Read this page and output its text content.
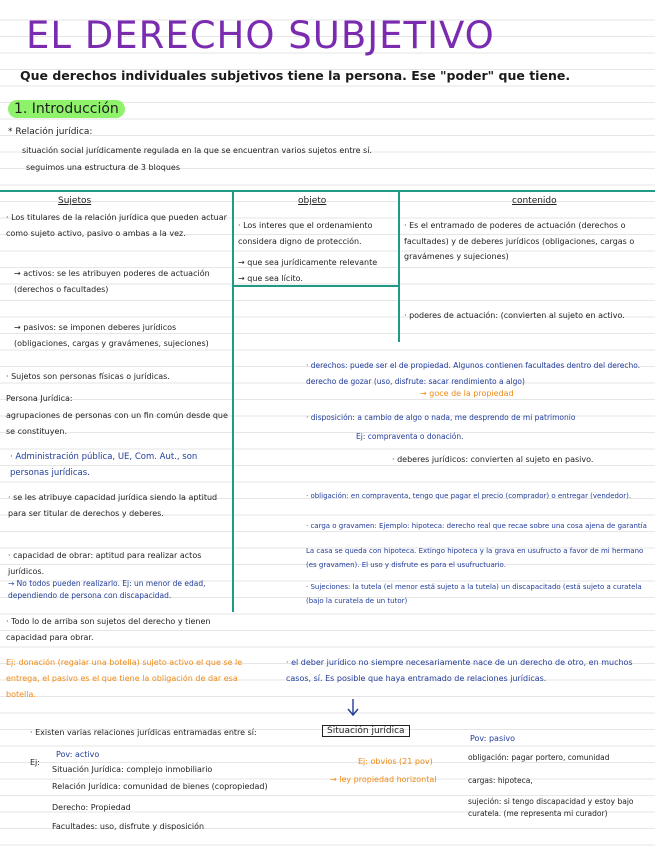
EL DERECHO SUBJETIVO
Que derechos individuales subjetivos tiene la persona. Ese "poder" que tiene.
1. Introducción
* Relación jurídica:
situación social jurídicamente regulada en la que se encuentran varios sujetos entre sí.
seguimos una estructura de 3 bloques
Sujetos	objeto	contenido
· Los titulares de la relación jurídica que pueden actuar como sujeto activo, pasivo o ambas a la vez.
→ activos: se les atribuyen poderes de actuación (derechos o facultades)
→ pasivos: se imponen deberes jurídicos (obligaciones, cargas y gravámenes, sujeciones)
· Sujetos son personas físicas o jurídicas.
Persona Jurídica:
agrupaciones de personas con un fin común desde que se constituyen.
· Administración pública, UE, Com. Aut., son personas jurídicas.
· se les atribuye capacidad jurídica siendo la aptitud para ser titular de derechos y deberes.
· capacidad de obrar: aptitud para realizar actos jurídicos.
→ No todos pueden realizarlo. Ej: un menor de edad, dependiendo de persona con discapacidad.
· Todo lo de arriba son sujetos del derecho y tienen capacidad para obrar.
· Los interes que el ordenamiento considera digno de protección.
→ que sea jurídicamente relevante
→ que sea lícito.
· Es el entramado de poderes de actuación (derechos o facultades) y de deberes jurídicos (obligaciones, cargas o gravámenes y sujeciones)
· poderes de actuación: (convierten al sujeto en activo.
· derechos: puede ser el de propiedad. Algunos contienen facultades dentro del derecho. derecho de gozar (uso, disfrute: sacar rendimiento a algo)
→ goce de la propiedad
· disposición: a cambio de algo o nada, me desprendo de mi patrimonio
Ej: compraventa o donación.
· deberes jurídicos: convierten al sujeto en pasivo.
· obligación: en compraventa, tengo que pagar el precio (comprador) o entregar (vendedor).
· carga o gravamen: Ejemplo: hipoteca: derecho real que recae sobre una cosa ajena de garantía
La casa se queda con hipoteca. Extingo hipoteca y la grava en usufructo a favor de mi hermano (es gravamen). El uso y disfrute es para el usufructuario.
· Sujeciones: la tutela (el menor está sujeto a la tutela) un discapacitado (está sujeto a curatela (bajo la curatela de un tutor)
Ej: donación (regalar una botella) sujeto activo el que se le entrega, el pasivo es el que tiene la obligación de dar esa botella.
· el deber jurídico no siempre necesariamente nace de un derecho de otro, en muchos casos, sí. Es posible que haya entramado de relaciones jurídicas.
· Existen varias relaciones jurídicas entramadas entre sí:	Situación jurídica
Ej:
Pov: activo
Pov: pasivo
Situación Jurídica: complejo inmobiliario
Relación Jurídica: comunidad de bienes (copropiedad)
→ ley propiedad horizontal
Ej: obvios (21 pov)
Derecho: Propiedad
Facultades: uso, disfrute y disposición
obligación: pagar portero, comunidad
cargas: hipoteca,
sujeción: si tengo discapacidad y estoy bajo curatela. (me representa mi curador)
